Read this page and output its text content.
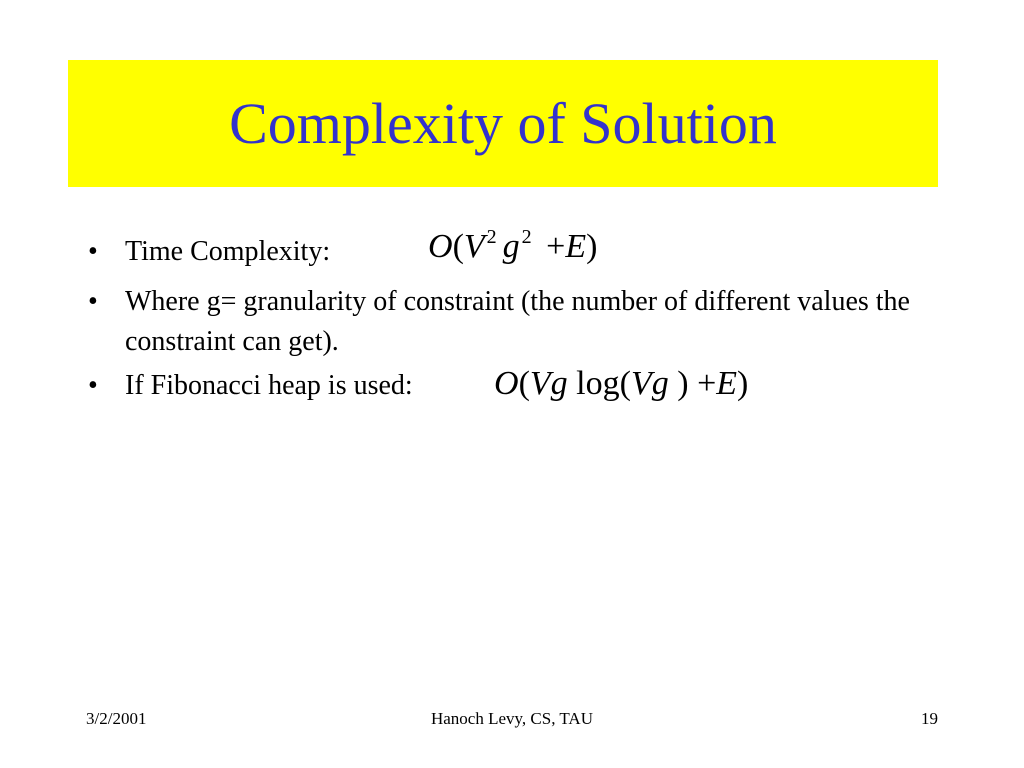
Complexity of Solution
• Time Complexity:
• Where g= granularity of constraint (the number of different values the constraint can get).
• If Fibonacci heap is used:
O(V $^2$ g $^2$ +E)
O(Vg log(Vg ) +E)
3/2/2001	Hanoch Levy, CS, TAU	19
